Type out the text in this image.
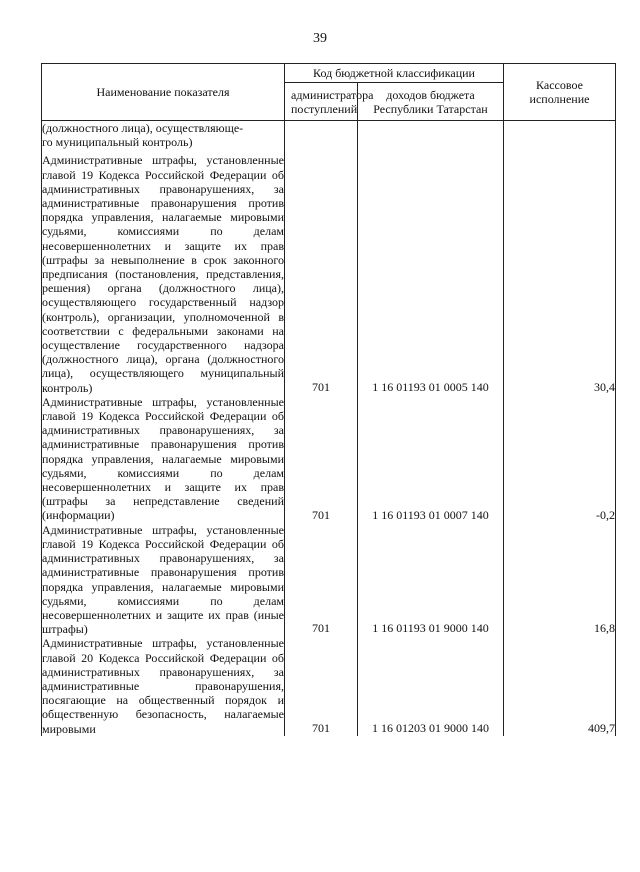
39
Наименование показателя	Код бюджетной классификации		Кассовое исполнение
	администратора поступлений	доходов бюджета Республики Татарстан	
(должностного лица), осуществляюще-
го муниципальный контроль)			
Административные штрафы, установленные главой 19 Кодекса Российской Федерации об административных правонарушениях, за административные правонарушения против порядка управления, налагаемые мировыми судьями, комиссиями по делам несовершеннолетних и защите их прав (штрафы за невыполнение в срок законного предписания (постановления, представления, решения) органа (должностного лица), осуществляющего государственный надзор (контроль), организации, уполномоченной в соответствии с федеральными законами на осуществление государственного надзора (должностного лица), органа (должностного лица), осуществляющего муниципальный контроль)	701	1 16 01193 01 0005 140	30,4
Административные штрафы, установленные главой 19 Кодекса Российской Федерации об административных правонарушениях, за административные правонарушения против порядка управления, налагаемые мировыми судьями, комиссиями по делам несовершеннолетних и защите их прав (штрафы за непредставление сведений (информации)	701	1 16 01193 01 0007 140	-0,2
Административные штрафы, установленные главой 19 Кодекса Российской Федерации об административных правонарушениях, за административные правонарушения против порядка управления, налагаемые мировыми судьями, комиссиями по делам несовершеннолетних и защите их прав (иные штрафы)	701	1 16 01193 01 9000 140	16,8
Административные штрафы, установленные главой 20 Кодекса Российской Федерации об административных правонарушениях, за административные правонарушения, посягающие на общественный порядок и общественную безопасность, налагаемые мировыми	701	1 16 01203 01 9000 140	409,7
